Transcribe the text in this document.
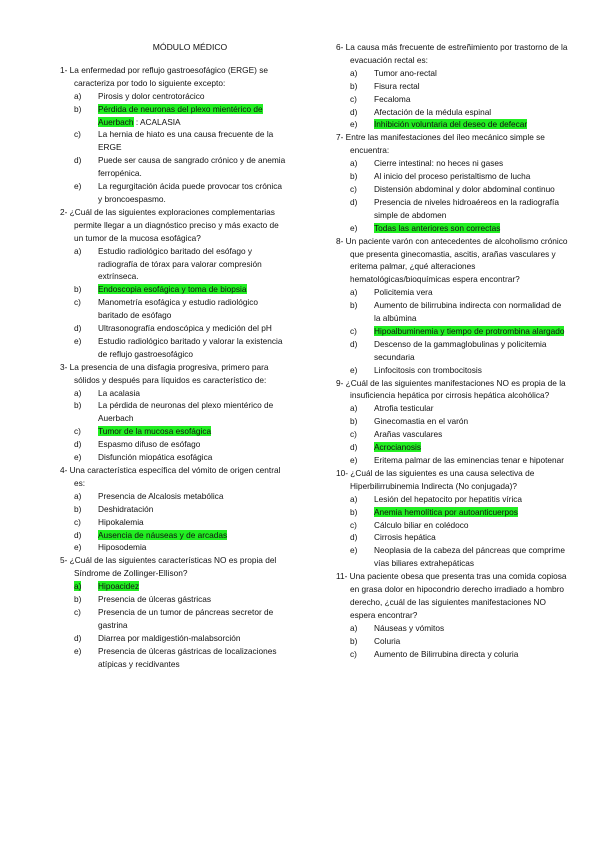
MÓDULO MÉDICO
1- La enfermedad por reflujo gastroesofágico (ERGE) se caracteriza por todo lo siguiente excepto:
a)	Pirosis y dolor centrotorácico
b)	Pérdida de neuronas del plexo mientérico de Auerbach : ACALASIA
c)	La hernia de hiato es una causa frecuente de la ERGE
d)	Puede ser causa de sangrado crónico y de anemia ferropénica.
e)	La regurgitación ácida puede provocar tos crónica y broncoespasmo.
2- ¿Cuál de las siguientes exploraciones complementarias permite llegar a un diagnóstico preciso y más exacto de un tumor de la mucosa esofágica?
a)	Estudio radiológico baritado del esófago y radiografía de tórax para valorar compresión extrínseca.
b)	Endoscopia esofágica y toma de biopsia
c)	Manometría esofágica y estudio radiológico baritado de esófago
d)	Ultrasonografía endoscópica y medición del pH
e)	Estudio radiológico baritado y valorar la existencia de reflujo gastroesofágico
3- La presencia de una disfagia progresiva, primero para sólidos y después para líquidos es característico de:
a)	La acalasia
b)	La pérdida de neuronas del plexo mientérico de Auerbach
c)	Tumor de la mucosa esofágica
d)	Espasmo difuso de esófago
e)	Disfunción miopática esofágica
4- Una característica específica del vómito de origen central es:
a)	Presencia de Alcalosis metabólica
b)	Deshidratación
c)	Hipokalemia
d)	Ausencia de náuseas y de arcadas
e)	Hiposodemia
5- ¿Cuál de las siguientes características NO es propia del Síndrome de Zollinger-Ellison?
a)	Hipoacidez
b)	Presencia de úlceras gástricas
c)	Presencia de un tumor de páncreas secretor de gastrina
d)	Diarrea por maldigestión-malabsorción
e)	Presencia de úlceras gástricas de localizaciones atípicas y recidivantes
6- La causa más frecuente de estreñimiento por trastorno de la evacuación rectal es:
a)	Tumor ano-rectal
b)	Fisura rectal
c)	Fecaloma
d)	Afectación de la médula espinal
e)	Inhibición voluntaria del deseo de defecar
7- Entre las manifestaciones del íleo mecánico simple se encuentra:
a)	Cierre intestinal: no heces ni gases
b)	Al inicio del proceso peristaltismo de lucha
c)	Distensión abdominal y dolor abdominal continuo
d)	Presencia de niveles hidroaéreos en la radiografía simple de abdomen
e)	Todas las anteriores son correctas
8- Un paciente varón con antecedentes de alcoholismo crónico que presenta ginecomastia, ascitis, arañas vasculares y eritema palmar, ¿qué alteraciones hematológicas/bioquímicas espera encontrar?
a)	Policitemia vera
b)	Aumento de bilirrubina indirecta con normalidad de la albúmina
c)	Hipoalbuminemia y tiempo de protrombina alargado
d)	Descenso de la gammaglobulinas y policitemia secundaria
e)	Linfocitosis con trombocitosis
9- ¿Cuál de las siguientes manifestaciones NO es propia de la insuficiencia hepática por cirrosis hepática alcohólica?
a)	Atrofia testicular
b)	Ginecomastia en el varón
c)	Arañas vasculares
d)	Acrocianosis
e)	Eritema palmar de las eminencias tenar e hipotenar
10- ¿Cuál de las siguientes es una causa selectiva de Hiperbilirrubinemia Indirecta (No conjugada)?
a)	Lesión del hepatocito por hepatitis vírica
b)	Anemia hemolítica por autoanticuerpos
c)	Cálculo biliar en colédoco
d)	Cirrosis hepática
e)	Neoplasia de la cabeza del páncreas que comprime vías biliares extrahepáticas
11- Una paciente obesa que presenta tras una comida copiosa en grasa dolor en hipocondrio derecho irradiado a hombro derecho, ¿cuál de las siguientes manifestaciones NO espera encontrar?
a)	Náuseas y vómitos
b)	Coluria
c)	Aumento de Bilirrubina directa y coluria
